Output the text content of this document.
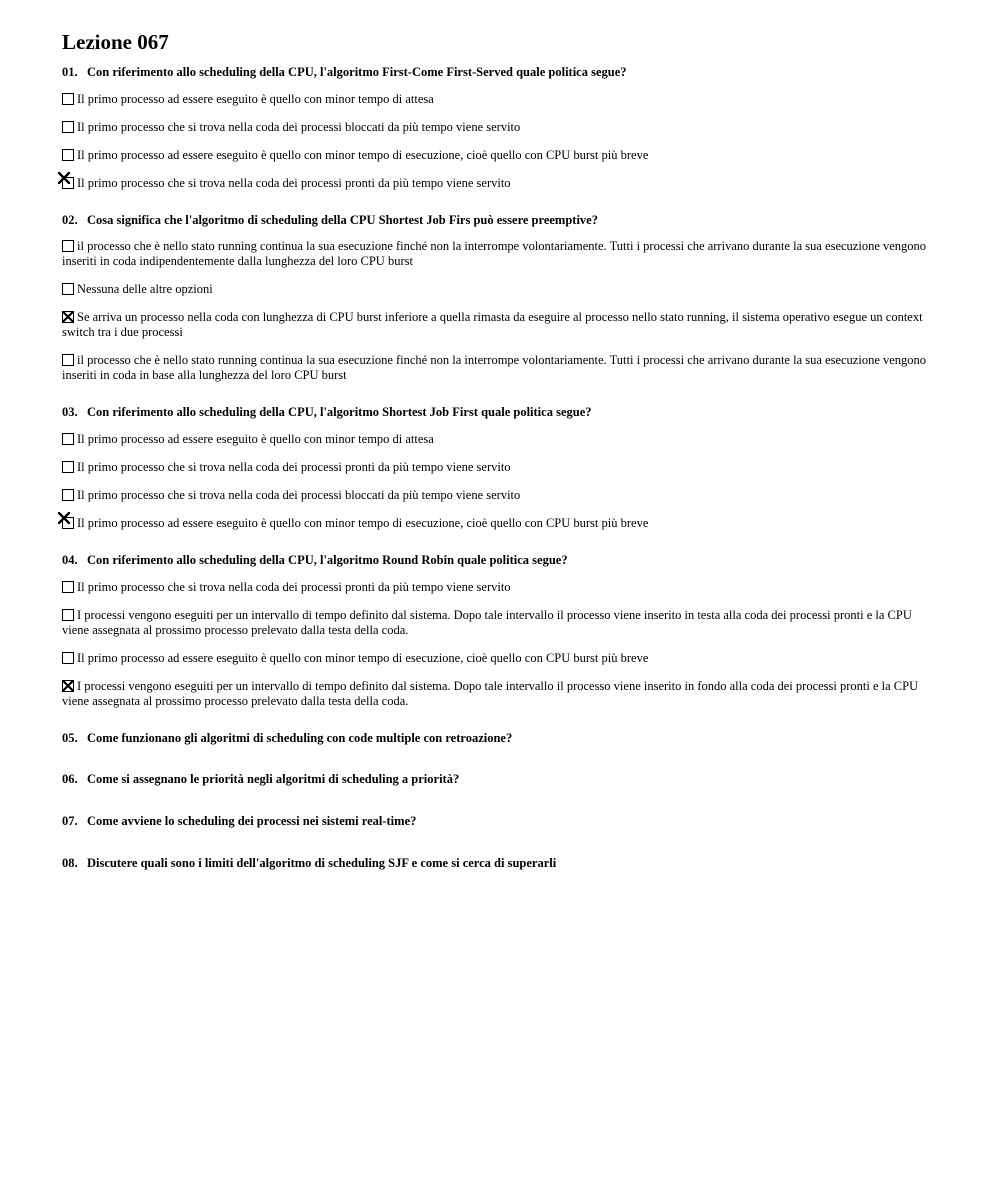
Lezione 067

01. Con riferimento allo scheduling della CPU, l'algoritmo First-Come First-Served quale politica segue?

Il primo processo ad essere eseguito è quello con minor tempo di attesa
Il primo processo che si trova nella coda dei processi bloccati da più tempo viene servito
Il primo processo ad essere eseguito è quello con minor tempo di esecuzione, cioè quello con CPU burst più breve
Il primo processo che si trova nella coda dei processi pronti da più tempo viene servito

02. Cosa significa che l'algoritmo di scheduling della CPU Shortest Job Firs può essere preemptive?

il processo che è nello stato running continua la sua esecuzione finché non la interrompe volontariamente. Tutti i processi che arrivano durante la sua esecuzione vengono inseriti in coda indipendentemente dalla lunghezza del loro CPU burst
Nessuna delle altre opzioni
Se arriva un processo nella coda con lunghezza di CPU burst inferiore a quella rimasta da eseguire al processo nello stato running, il sistema operativo esegue un context switch tra i due processi
il processo che è nello stato running continua la sua esecuzione finché non la interrompe volontariamente. Tutti i processi che arrivano durante la sua esecuzione vengono inseriti in coda in base alla lunghezza del loro CPU burst

03. Con riferimento allo scheduling della CPU, l'algoritmo Shortest Job First quale politica segue?

Il primo processo ad essere eseguito è quello con minor tempo di attesa
Il primo processo che si trova nella coda dei processi pronti da più tempo viene servito
Il primo processo che si trova nella coda dei processi bloccati da più tempo viene servito
Il primo processo ad essere eseguito è quello con minor tempo di esecuzione, cioè quello con CPU burst più breve

04. Con riferimento allo scheduling della CPU, l'algoritmo Round Robin quale politica segue?

Il primo processo che si trova nella coda dei processi pronti da più tempo viene servito
I processi vengono eseguiti per un intervallo di tempo definito dal sistema. Dopo tale intervallo il processo viene inserito in testa alla coda dei processi pronti e la CPU viene assegnata al prossimo processo prelevato dalla testa della coda.
Il primo processo ad essere eseguito è quello con minor tempo di esecuzione, cioè quello con CPU burst più breve
I processi vengono eseguiti per un intervallo di tempo definito dal sistema. Dopo tale intervallo il processo viene inserito in fondo alla coda dei processi pronti e la CPU viene assegnata al prossimo processo prelevato dalla testa della coda.

05. Come funzionano gli algoritmi di scheduling con code multiple con retroazione?

06. Come si assegnano le priorità negli algoritmi di scheduling a priorità?

07. Come avviene lo scheduling dei processi nei sistemi real-time?

08. Discutere quali sono i limiti dell'algoritmo di scheduling SJF e come si cerca di superarli
